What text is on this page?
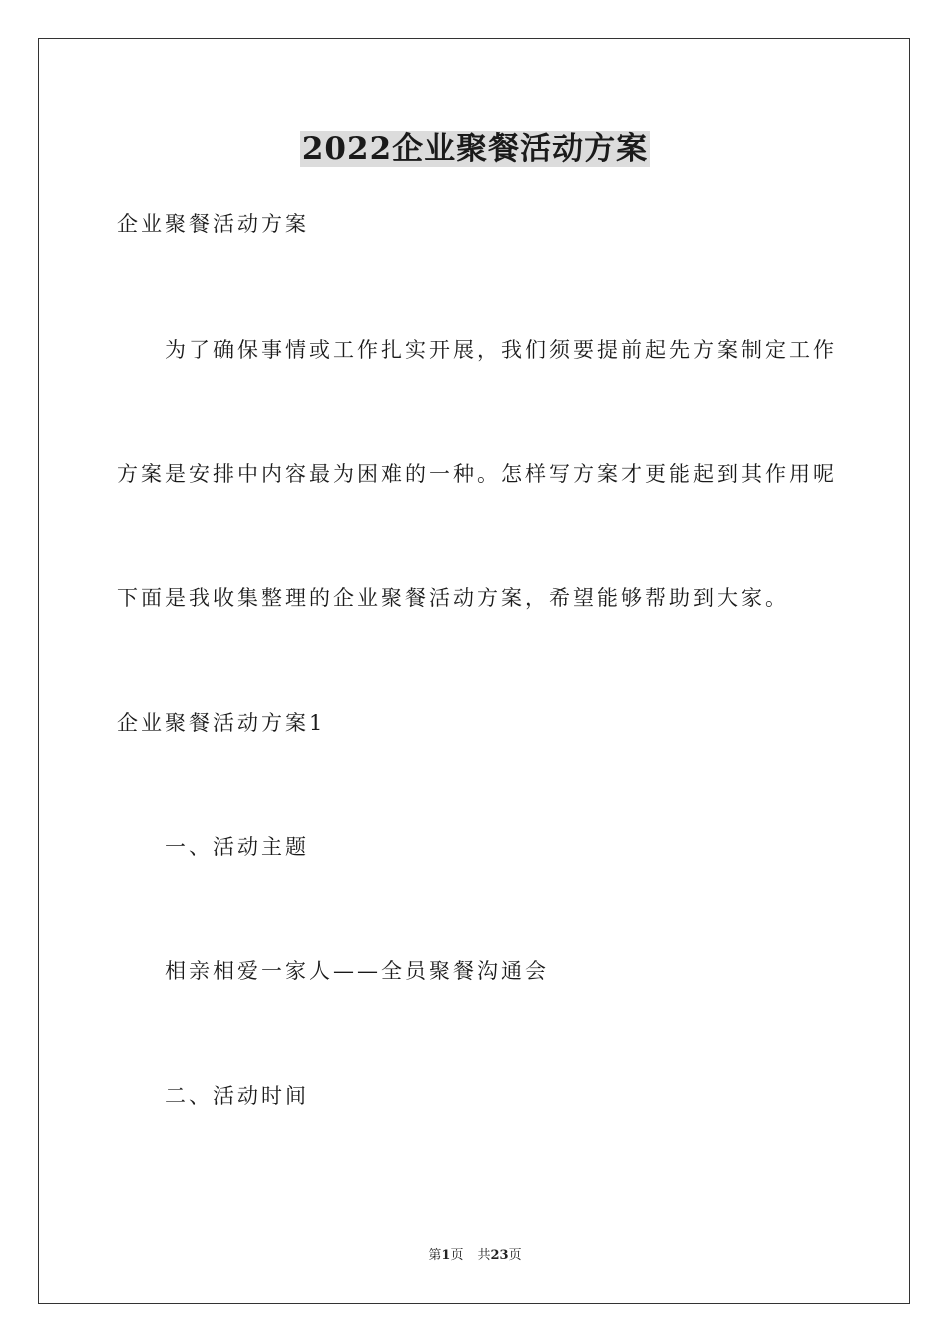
2022企业聚餐活动方案
企业聚餐活动方案
为了确保事情或工作扎实开展，我们须要提前起先方案制定工作
方案是安排中内容最为困难的一种。怎样写方案才更能起到其作用呢
下面是我收集整理的企业聚餐活动方案，希望能够帮助到大家。
企业聚餐活动方案1
一、活动主题
相亲相爱一家人——全员聚餐沟通会
二、活动时间
第1页 共23页
